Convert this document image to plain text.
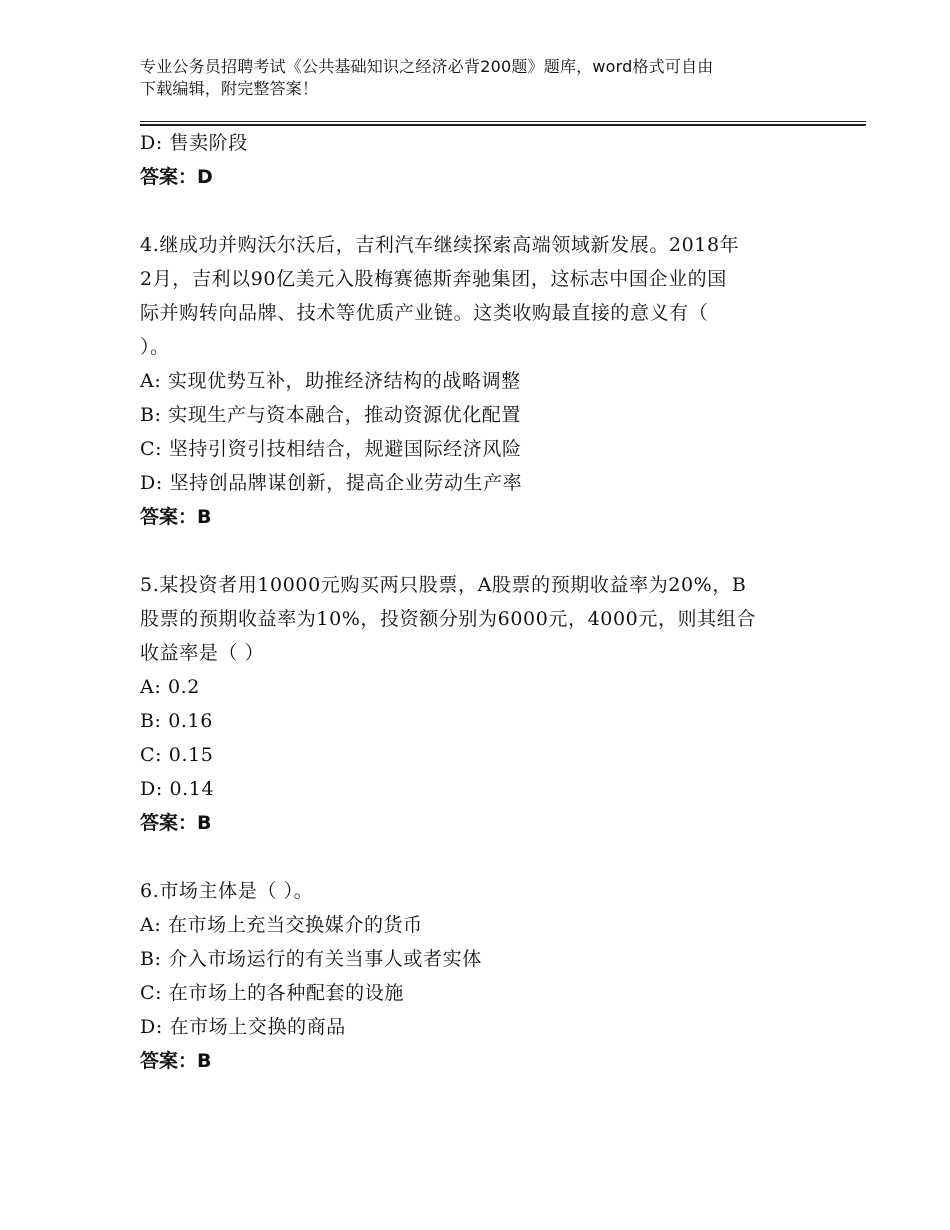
专业公务员招聘考试《公共基础知识之经济必背200题》题库，word格式可自由
下载编辑，附完整答案！
D: 售卖阶段
答案：D
4.继成功并购沃尔沃后，吉利汽车继续探索高端领域新发展。2018年
2月，吉利以90亿美元入股梅赛德斯奔驰集团，这标志中国企业的国
际并购转向品牌、技术等优质产业链。这类收购最直接的意义有（
）。
A: 实现优势互补，助推经济结构的战略调整
B: 实现生产与资本融合，推动资源优化配置
C: 坚持引资引技相结合，规避国际经济风险
D: 坚持创品牌谋创新，提高企业劳动生产率
答案：B
5.某投资者用10000元购买两只股票，A股票的预期收益率为20%，B
股票的预期收益率为10%，投资额分别为6000元，4000元，则其组合
收益率是（ ）
A: 0.2
B: 0.16
C: 0.15
D: 0.14
答案：B
6.市场主体是（ ）。
A: 在市场上充当交换媒介的货币
B: 介入市场运行的有关当事人或者实体
C: 在市场上的各种配套的设施
D: 在市场上交换的商品
答案：B
